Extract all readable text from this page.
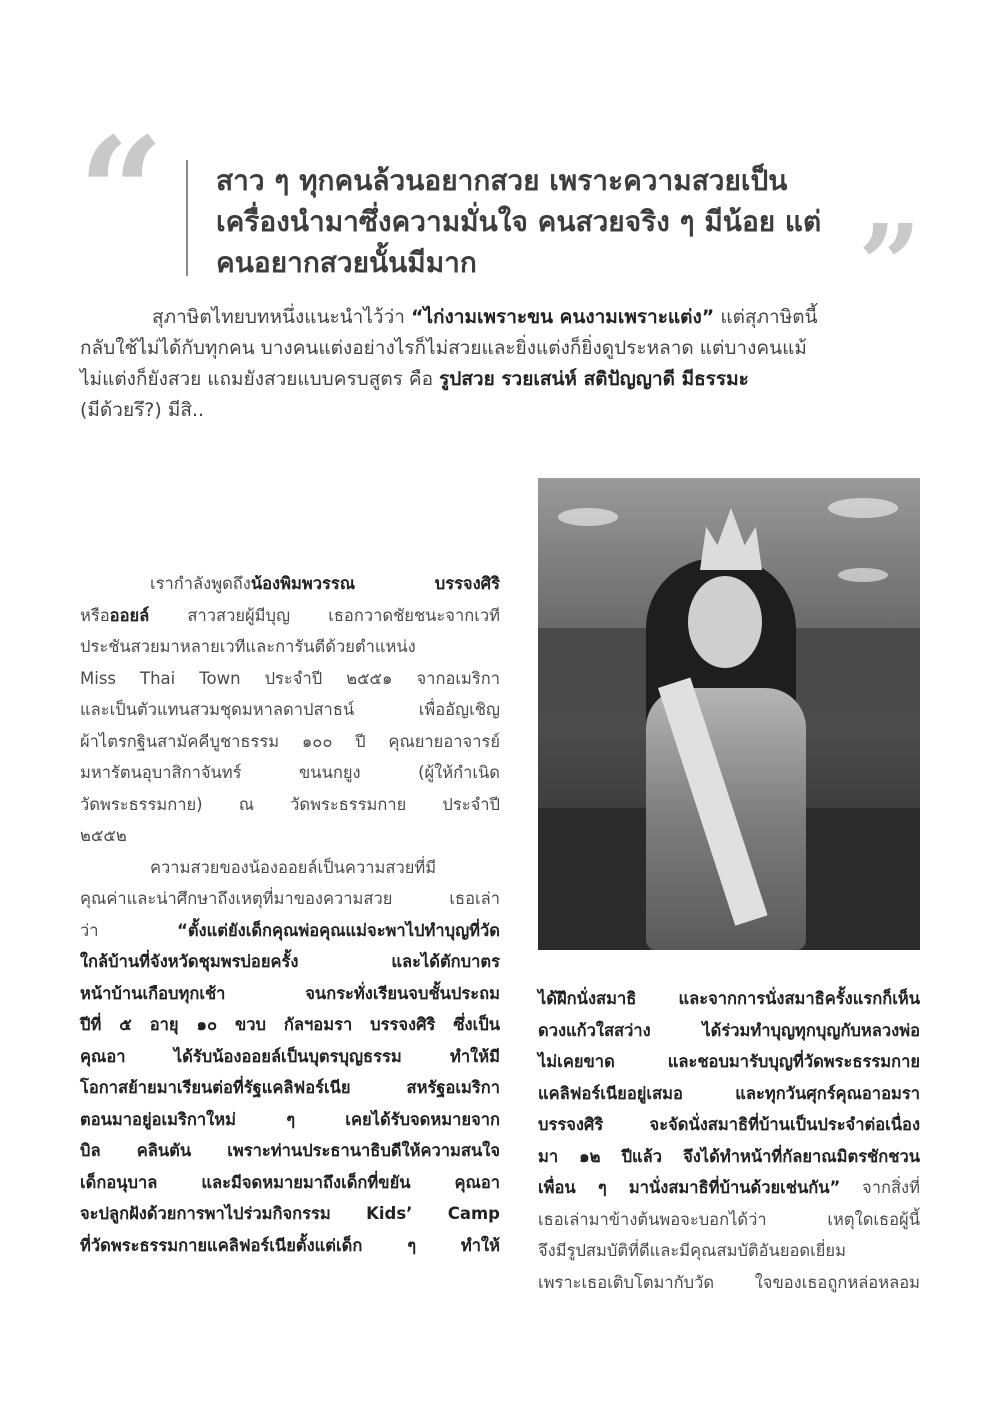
“ สาว ๆ ทุกคนล้วนอยากสวย เพราะความสวยเป็น

เครื่องนำมาซึ่งความมั่นใจ คนสวยจริง ๆ มีน้อย แต่

คนอยากสวยนั้นมีมาก	”

สุภาษิตไทยบทหนึ่งแนะนำไว้ว่า “ไก่งามเพราะขน คนงามเพราะแต่ง” แต่สุภาษิตนี้

กลับใช้ไม่ได้กับทุกคน บางคนแต่งอย่างไรก็ไม่สวยและยิ่งแต่งก็ยิ่งดูประหลาด แต่บางคนแม้

ไม่แต่งก็ยังสวย แถมยังสวยแบบครบสูตร คือ รูปสวย รวยเสน่ห์ สติปัญญาดี มีธรรมะ

(มีด้วยรึ?) มีสิ..

เรากำลังพูดถึงน้องพิมพวรรณ บรรจงศิริ

หรือออยล์ สาวสวยผู้มีบุญ เธอกวาดชัยชนะจากเวที

ประชันสวยมาหลายเวทีและการันตีด้วยตำแหน่ง

Miss Thai Town ประจำปี ๒๕๕๑ จากอเมริกา

และเป็นตัวแทนสวมชุดมหาลดาปสาธน์ เพื่ออัญเชิญ

ผ้าไตรกฐินสามัคคีบูชาธรรม ๑๐๐ ปี คุณยายอาจารย์

มหารัตนอุบาสิกาจันทร์ ขนนกยูง (ผู้ให้กำเนิด

วัดพระธรรมกาย) ณ วัดพระธรรมกาย ประจำปี

๒๕๕๒

ความสวยของน้องออยล์เป็นความสวยที่มี

คุณค่าและน่าศึกษาถึงเหตุที่มาของความสวย เธอเล่า

ว่า “ตั้งแต่ยังเด็กคุณพ่อคุณแม่จะพาไปทำบุญที่วัด

ใกล้บ้านที่จังหวัดชุมพรบ่อยครั้ง และได้ตักบาตร

หน้าบ้านเกือบทุกเช้า จนกระทั่งเรียนจบชั้นประถม

ปีที่ ๕ อายุ ๑๐ ขวบ กัลฯอมรา บรรจงศิริ ซึ่งเป็น

คุณอา ได้รับน้องออยล์เป็นบุตรบุญธรรม ทำให้มี

โอกาสย้ายมาเรียนต่อที่รัฐแคลิฟอร์เนีย สหรัฐอเมริกา

ตอนมาอยู่อเมริกาใหม่ ๆ เคยได้รับจดหมายจาก

บิล คลินตัน เพราะท่านประธานาธิบดีให้ความสนใจ

เด็กอนุบาล และมีจดหมายมาถึงเด็กที่ขยัน คุณอา

จะปลูกฝังด้วยการพาไปร่วมกิจกรรม Kids’ Camp

ที่วัดพระธรรมกายแคลิฟอร์เนียตั้งแต่เด็ก ๆ ทำให้

ได้ฝึกนั่งสมาธิ และจากการนั่งสมาธิครั้งแรกก็เห็น

ดวงแก้วใสสว่าง ได้ร่วมทำบุญทุกบุญกับหลวงพ่อ

ไม่เคยขาด และชอบมารับบุญที่วัดพระธรรมกาย

แคลิฟอร์เนียอยู่เสมอ และทุกวันศุกร์คุณอาอมรา

บรรจงศิริ จะจัดนั่งสมาธิที่บ้านเป็นประจำต่อเนื่อง

มา ๑๒ ปีแล้ว จึงได้ทำหน้าที่กัลยาณมิตรชักชวน

เพื่อน ๆ มานั่งสมาธิที่บ้านด้วยเช่นกัน” จากสิ่งที่

เธอเล่ามาข้างต้นพอจะบอกได้ว่า เหตุใดเธอผู้นี้

จึงมีรูปสมบัติที่ดีและมีคุณสมบัติอันยอดเยี่ยม

เพราะเธอเติบโตมากับวัด ใจของเธอถูกหล่อหลอม
